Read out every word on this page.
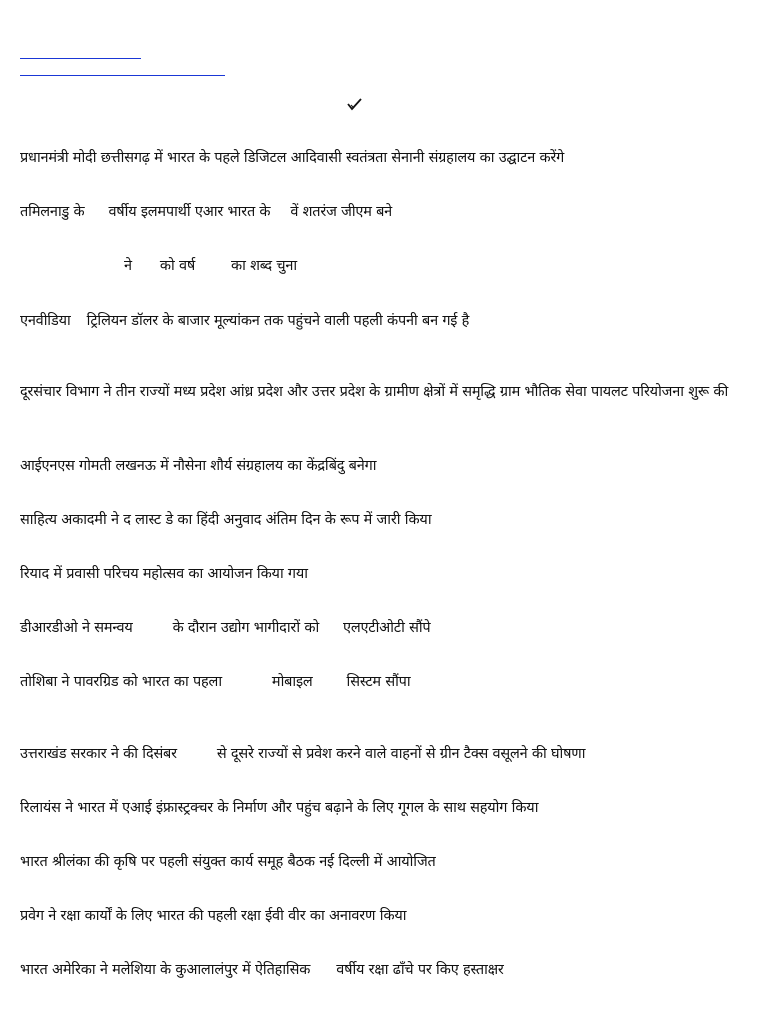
प्रधानमंत्री मोदी छत्तीसगढ़ में भारत के पहले डिजिटल आदिवासी स्वतंत्रता सेनानी संग्रहालय का उद्घाटन करेंगे
तमिलनाडु के वर्षीय इलमपार्थी एआर भारत के वें शतरंज जीएम बने
ने को वर्ष का शब्द चुना
एनवीडिया ट्रिलियन डॉलर के बाजार मूल्यांकन तक पहुंचने वाली पहली कंपनी बन गई है
दूरसंचार विभाग ने तीन राज्यों मध्य प्रदेश आंध्र प्रदेश और उत्तर प्रदेश के ग्रामीण क्षेत्रों में समृद्धि ग्राम भौतिक सेवा पायलट परियोजना शुरू की
आईएनएस गोमती लखनऊ में नौसेना शौर्य संग्रहालय का केंद्रबिंदु बनेगा
साहित्य अकादमी ने द लास्ट डे का हिंदी अनुवाद अंतिम दिन के रूप में जारी किया
रियाद में प्रवासी परिचय महोत्सव का आयोजन किया गया
डीआरडीओ ने समन्वय	के दौरान उद्योग भागीदारों को एलएटीओटी सौंपे
तोशिबा ने पावरग्रिड को भारत का पहला	मोबाइल सिस्टम सौंपा
उत्तराखंड सरकार ने की दिसंबर	से दूसरे राज्यों से प्रवेश करने वाले वाहनों से ग्रीन टैक्स वसूलने की घोषणा
रिलायंस ने भारत में एआई इंफ्रास्ट्रक्चर के निर्माण और पहुंच बढ़ाने के लिए गूगल के साथ सहयोग किया
भारत श्रीलंका की कृषि पर पहली संयुक्त कार्य समूह बैठक नई दिल्ली में आयोजित
प्रवेग ने रक्षा कार्यों के लिए भारत की पहली रक्षा ईवी वीर का अनावरण किया
भारत अमेरिका ने मलेशिया के कुआलालंपुर में ऐतिहासिक वर्षीय रक्षा ढाँचे पर किए हस्ताक्षर
